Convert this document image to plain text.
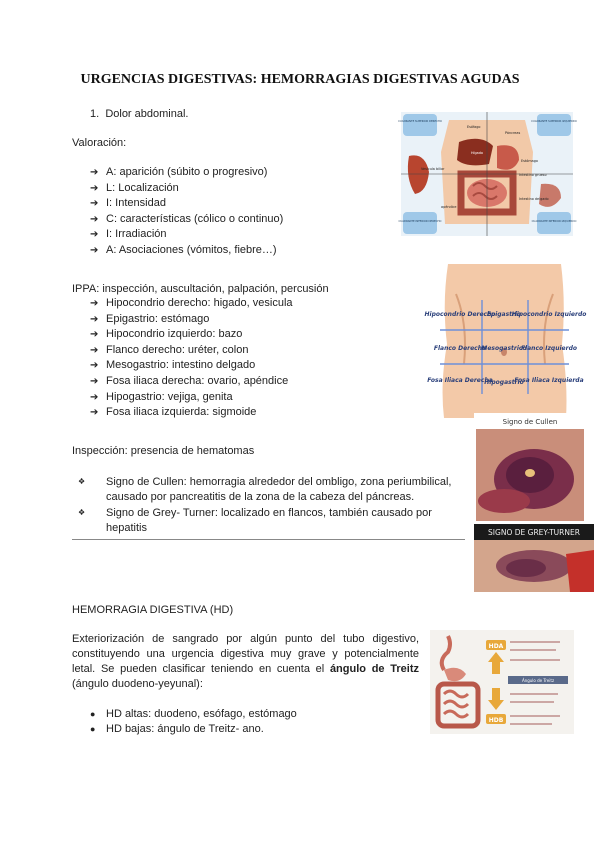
URGENCIAS DIGESTIVAS: HEMORRAGIAS DIGESTIVAS AGUDAS
1. Dolor abdominal.
Valoración:
➔ A: aparición (súbito o progresivo)
➔ L: Localización
➔ I: Intensidad
➔ C: características (cólico o continuo)
➔ I: Irradiación
➔ A: Asociaciones (vómitos, fiebre…)
CUADRANTE SUPERIOR DERECHO	CUADRANTE SUPERIOR IZQUIERDO
CUADRANTE INFERIOR DERECHO	CUADRANTE INFERIOR IZQUIERDO
Esófago
Páncreas
Hígado
Estómago
Vesícula biliar
Intestino grueso
Intestino delgado
apéndice
IPPA: inspección, auscultación, palpación, percusión
➔ Hipocondrio derecho: higado, vesicula
➔ Epigastrio: estómago
➔ Hipocondrio izquierdo: bazo
➔ Flanco derecho: uréter, colon
➔ Mesogastrio: intestino delgado
➔ Fosa iliaca derecha: ovario, apéndice
➔ Hipogastrio: vejiga, genita
➔ Fosa iliaca izquierda: sigmoide
Hipocondrio Derecho
Epigastrio
Hipocondrio Izquierdo
Flanco Derecho
Mesogastrico
Flanco Izquierdo
Fosa Iliaca Derecha
Hipogastrio
Fosa Iliaca Izquierda
Inspección: presencia de hematomas
❖ Signo de Cullen: hemorragia alrededor del ombligo, zona periumbilical,
causado por pancreatitis de la zona de la cabeza del páncreas.
❖ Signo de Grey- Turner: localizado en flancos, también causado por
hepatitis
Signo de Cullen
SIGNO DE GREY-TURNER
HEMORRAGIA DIGESTIVA (HD)
Exteriorización de sangrado por algún punto del tubo digestivo,
constituyendo una urgencia digestiva muy grave y potencialmente
letal. Se pueden clasificar teniendo en cuenta el ángulo de Treitz
(ángulo duodeno-yeyunal):
● HD altas: duodeno, esófago, estómago
● HD bajas: ángulo de Treitz- ano.
HDA
Ángulo de Treitz
HDB
